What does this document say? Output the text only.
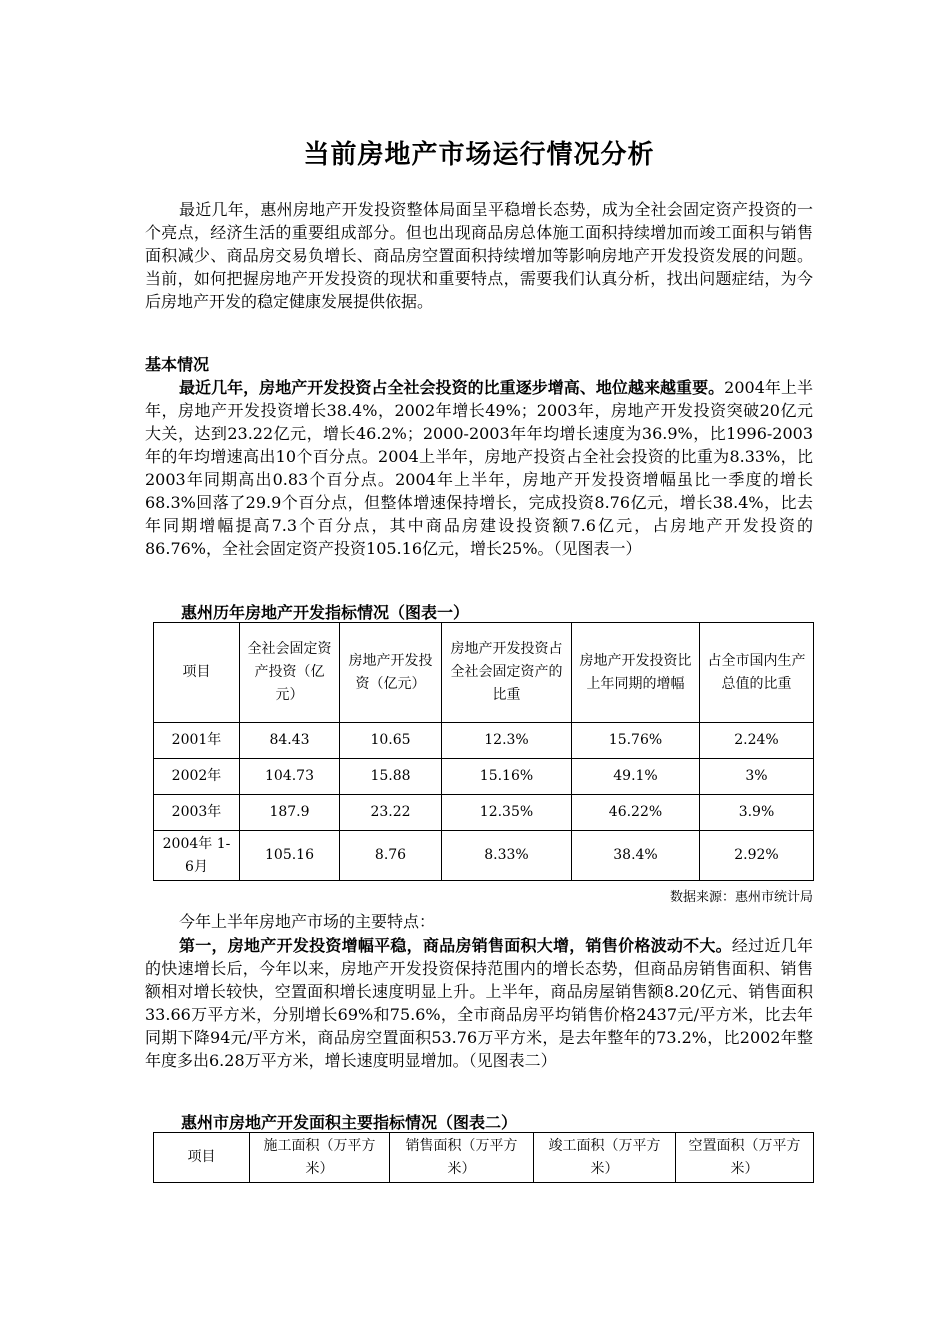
当前房地产市场运行情况分析

最近几年，惠州房地产开发投资整体局面呈平稳增长态势，成为全社会固定资产投资的一个亮点，经济生活的重要组成部分。但也出现商品房总体施工面积持续增加而竣工面积与销售面积减少、商品房交易负增长、商品房空置面积持续增加等影响房地产开发投资发展的问题。当前，如何把握房地产开发投资的现状和重要特点，需要我们认真分析，找出问题症结，为今后房地产开发的稳定健康发展提供依据。

基本情况

最近几年，房地产开发投资占全社会投资的比重逐步增高、地位越来越重要。2004年上半年，房地产开发投资增长38.4%，2002年增长49%；2003年，房地产开发投资突破20亿元大关，达到23.22亿元，增长46.2%；2000-2003年年均增长速度为36.9%，比1996-2003年的年均增速高出10个百分点。2004上半年，房地产投资占全社会投资的比重为8.33%，比2003年同期高出0.83个百分点。2004年上半年，房地产开发投资增幅虽比一季度的增长68.3%回落了29.9个百分点，但整体增速保持增长，完成投资8.76亿元，增长38.4%，比去年同期增幅提高7.3个百分点，其中商品房建设投资额7.6亿元，占房地产开发投资的86.76%，全社会固定资产投资105.16亿元，增长25%。（见图表一）

惠州历年房地产开发指标情况（图表一）
项目	全社会固定资产投资（亿元）	房地产开发投资（亿元）	房地产开发投资占全社会固定资产的比重	房地产开发投资比上年同期的增幅	占全市国内生产总值的比重
2001年	84.43	10.65	12.3%	15.76%	2.24%
2002年	104.73	15.88	15.16%	49.1%	3%
2003年	187.9	23.22	12.35%	46.22%	3.9%
2004年 1-6月	105.16	8.76	8.33%	38.4%	2.92%
数据来源：惠州市统计局

今年上半年房地产市场的主要特点：

第一，房地产开发投资增幅平稳，商品房销售面积大增，销售价格波动不大。经过近几年的快速增长后，今年以来，房地产开发投资保持范围内的增长态势，但商品房销售面积、销售额相对增长较快，空置面积增长速度明显上升。上半年，商品房屋销售额8.20亿元、销售面积33.66万平方米，分别增长69%和75.6%，全市商品房平均销售价格2437元/平方米，比去年同期下降94元/平方米，商品房空置面积53.76万平方米，是去年整年的73.2%，比2002年整年度多出6.28万平方米，增长速度明显增加。（见图表二）

惠州市房地产开发面积主要指标情况（图表二）
项目	施工面积（万平方米）	销售面积（万平方米）	竣工面积（万平方米）	空置面积（万平方米）
